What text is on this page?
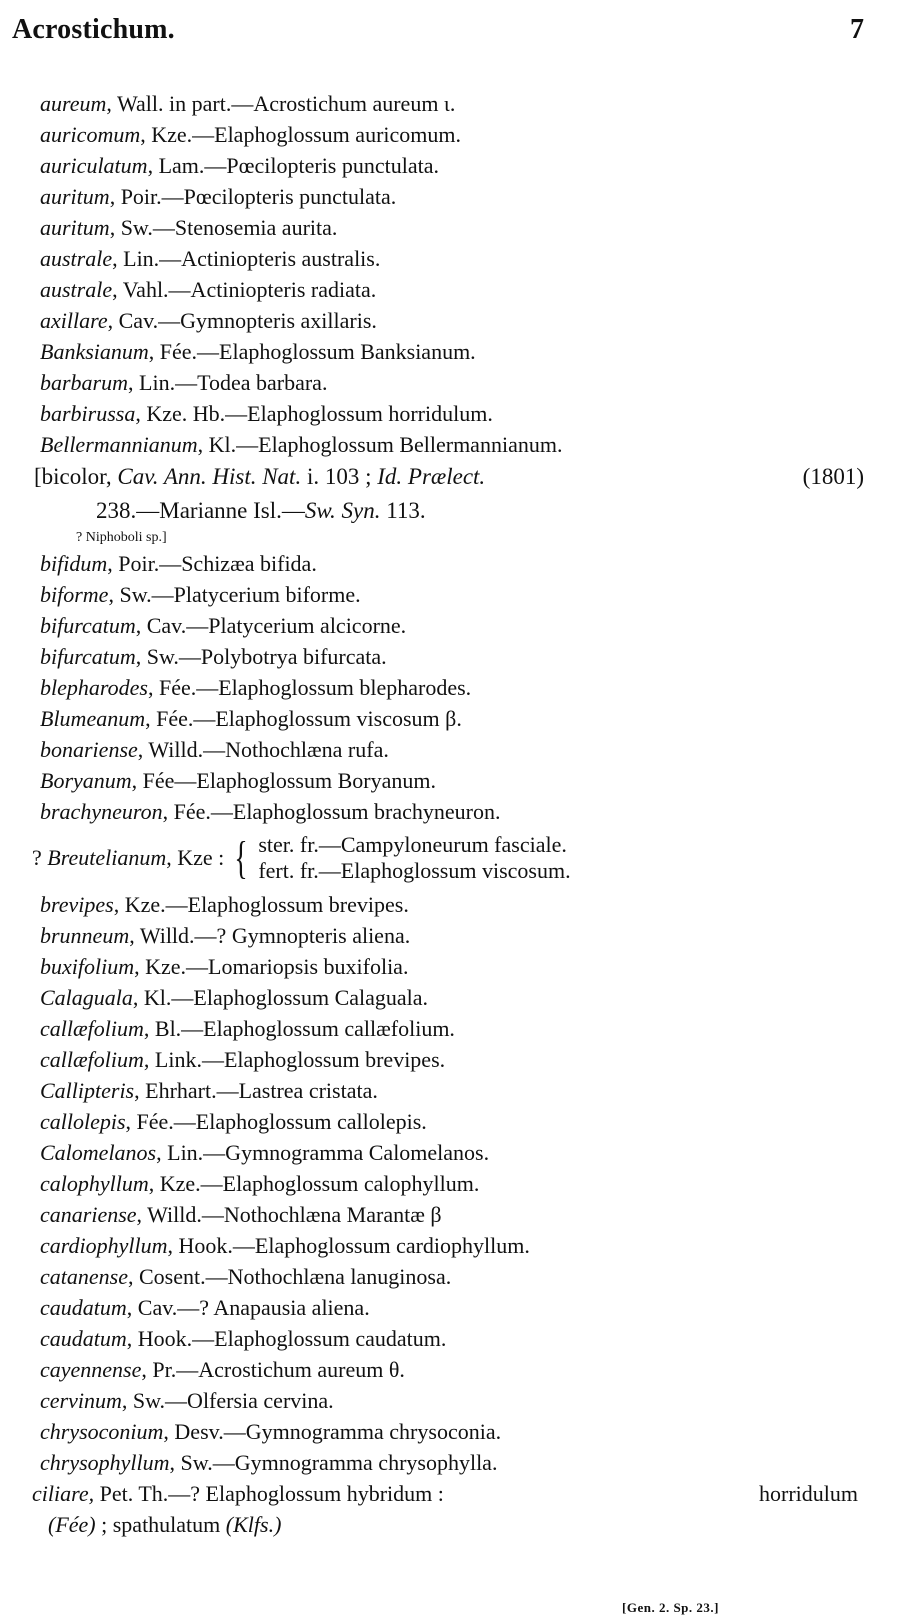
Acrostichum.	7
aureum, Wall. in part.—Acrostichum aureum ι.
auricomum, Kze.—Elaphoglossum auricomum.
auriculatum, Lam.—Pœcilopteris punctulata.
auritum, Poir.—Pœcilopteris punctulata.
auritum, Sw.—Stenosemia aurita.
australe, Lin.—Actiniopteris australis.
australe, Vahl.—Actiniopteris radiata.
axillare, Cav.—Gymnopteris axillaris.
Banksianum, Fée.—Elaphoglossum Banksianum.
barbarum, Lin.—Todea barbara.
barbirussa, Kze. Hb.—Elaphoglossum horridulum.
Bellermannianum, Kl.—Elaphoglossum Bellermannianum.
[bicolor, Cav. Ann. Hist. Nat. i. 103 ; Id. Prælect.	(1801)
238.—Marianne Isl.—Sw. Syn. 113.
? Niphoboli sp.]
bifidum, Poir.—Schizæa bifida.
biforme, Sw.—Platycerium biforme.
bifurcatum, Cav.—Platycerium alcicorne.
bifurcatum, Sw.—Polybotrya bifurcata.
blepharodes, Fée.—Elaphoglossum blepharodes.
Blumeanum, Fée.—Elaphoglossum viscosum β.
bonariense, Willd.—Nothochlæna rufa.
Boryanum, Fée—Elaphoglossum Boryanum.
brachyneuron, Fée.—Elaphoglossum brachyneuron.
?
Breutelianum , Kze : { ster. fr.—Campyloneurum fasciale.
fert. fr.—Elaphoglossum viscosum.
brevipes, Kze.—Elaphoglossum brevipes.
brunneum, Willd.—? Gymnopteris aliena.
buxifolium, Kze.—Lomariopsis buxifolia.
Calaguala, Kl.—Elaphoglossum Calaguala.
callæfolium, Bl.—Elaphoglossum callæfolium.
callæfolium, Link.—Elaphoglossum brevipes.
Callipteris, Ehrhart.—Lastrea cristata.
callolepis, Fée.—Elaphoglossum callolepis.
Calomelanos, Lin.—Gymnogramma Calomelanos.
calophyllum, Kze.—Elaphoglossum calophyllum.
canariense, Willd.—Nothochlæna Marantæ β
cardiophyllum, Hook.—Elaphoglossum cardiophyllum.
catanense, Cosent.—Nothochlæna lanuginosa.
caudatum, Cav.—? Anapausia aliena.
caudatum, Hook.—Elaphoglossum caudatum.
cayennense, Pr.—Acrostichum aureum θ.
cervinum, Sw.—Olfersia cervina.
chrysoconium, Desv.—Gymnogramma chrysoconia.
chrysophyllum, Sw.—Gymnogramma chrysophylla.
ciliare, Pet. Th.—? Elaphoglossum hybridum :	horridulum
(Fée) ; spathulatum (Klfs.)
[Gen. 2. Sp. 23.]
